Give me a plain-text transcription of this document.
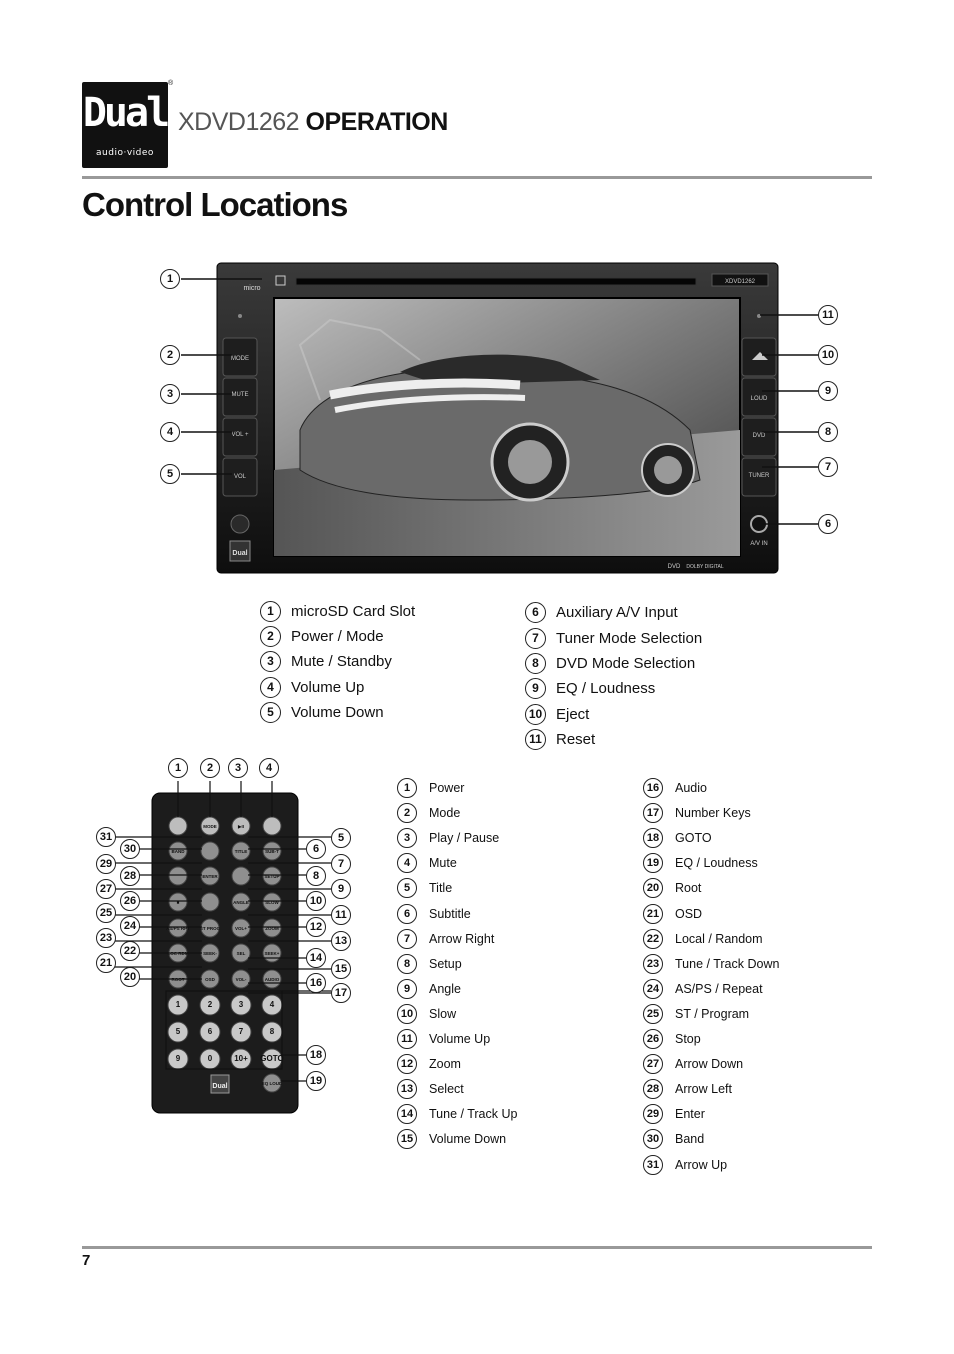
Dual
audio·video
®
XDVD1262 OPERATION
Control Locations
XDVD1262
micro
MODE
MUTE
VOL +
VOL
Dual
LOUD
DVD
TUNER
A/V IN
DVD DOLBY DIGITAL
1
2
3
4
5
11
10
9
8
7
6
1	microSD Card Slot
2	Power / Mode
3	Mute / Standby
4	Volume Up
5	Volume Down
6	Auxiliary A/V Input
7	Tuner Mode Selection
8	DVD Mode Selection
9	EQ / Loudness
10 Eject
11 Reset
MODE	▶II
BAND	TITLE	SUB-T
ENTER	SETUP
■	ANGLE	SLOW
AS/PS RPT ST PROG	VOL+	ZOOM
LOC RDM	SEEK-	SEL	SEEK+
ROOT	OSD	VOL-	AUDIO
1	2	3	4
5	6	7	8
9	0	10+ GOTO
Dual	EQ LOUD
1	2	3	4
5
6
7
8
9
10
11
12
13
14
15
16
17
18
19
20
21
22
23
24
25
26
27
28
29
30
31
1	Power
2	Mode
3	Play / Pause
4	Mute
5	Title
6	Subtitle
7	Arrow Right
8	Setup
9	Angle
10	Slow
11	Volume Up
12	Zoom
13	Select
14	Tune / Track Up
15	Volume Down
16	Audio
17	Number Keys
18	GOTO
19	EQ / Loudness
20	Root
21	OSD
22	Local / Random
23	Tune / Track Down
24	AS/PS / Repeat
25	ST / Program
26	Stop
27	Arrow Down
28	Arrow Left
29	Enter
30	Band
31	Arrow Up
7
